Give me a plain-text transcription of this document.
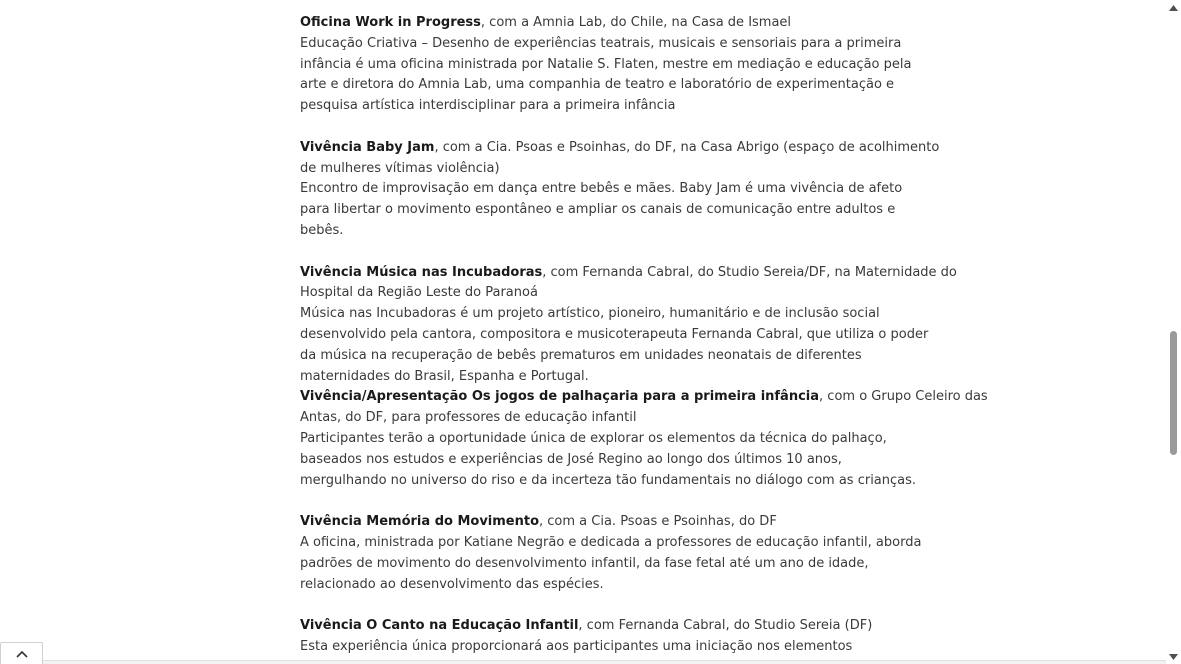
Oficina Work in Progress, com a Amnia Lab, do Chile, na Casa de Ismael
Educação Criativa – Desenho de experiências teatrais, musicais e sensoriais para a primeira
infância é uma oficina ministrada por Natalie S. Flaten, mestre em mediação e educação pela
arte e diretora do Amnia Lab, uma companhia de teatro e laboratório de experimentação e
pesquisa artística interdisciplinar para a primeira infância
Vivência Baby Jam, com a Cia. Psoas e Psoinhas, do DF, na Casa Abrigo (espaço de acolhimento
de mulheres vítimas violência)
Encontro de improvisação em dança entre bebês e mães. Baby Jam é uma vivência de afeto
para libertar o movimento espontâneo e ampliar os canais de comunicação entre adultos e
bebês.
Vivência Música nas Incubadoras, com Fernanda Cabral, do Studio Sereia/DF, na Maternidade do
Hospital da Região Leste do Paranoá
Música nas Incubadoras é um projeto artístico, pioneiro, humanitário e de inclusão social
desenvolvido pela cantora, compositora e musicoterapeuta Fernanda Cabral, que utiliza o poder
da música na recuperação de bebês prematuros em unidades neonatais de diferentes
maternidades do Brasil, Espanha e Portugal.
Vivência/Apresentação Os jogos de palhaçaria para a primeira infância, com o Grupo Celeiro das
Antas, do DF, para professores de educação infantil
Participantes terão a oportunidade única de explorar os elementos da técnica do palhaço,
baseados nos estudos e experiências de José Regino ao longo dos últimos 10 anos,
mergulhando no universo do riso e da incerteza tão fundamentais no diálogo com as crianças.
Vivência Memória do Movimento, com a Cia. Psoas e Psoinhas, do DF
A oficina, ministrada por Katiane Negrão e dedicada a professores de educação infantil, aborda
padrões de movimento do desenvolvimento infantil, da fase fetal até um ano de idade,
relacionado ao desenvolvimento das espécies.
Vivência O Canto na Educação Infantil, com Fernanda Cabral, do Studio Sereia (DF)
Esta experiência única proporcionará aos participantes uma iniciação nos elementos
